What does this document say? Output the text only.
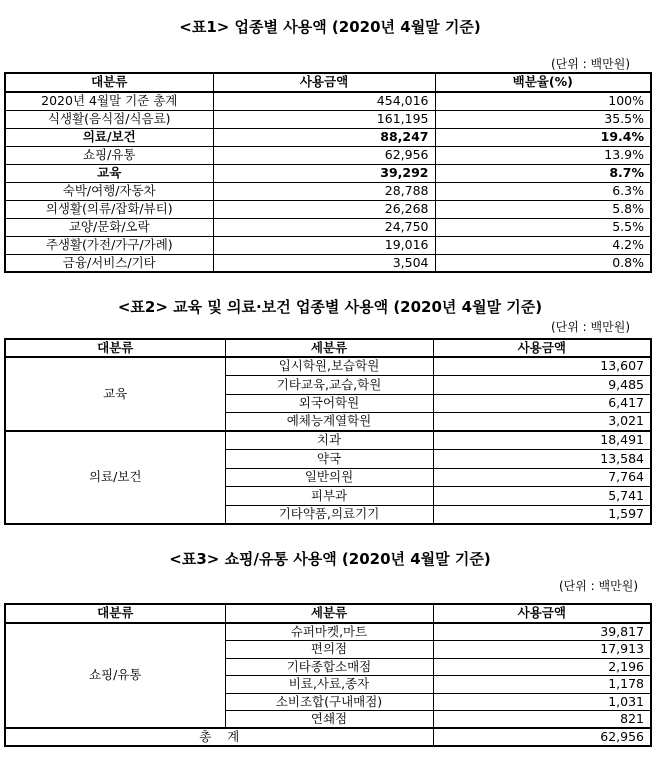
<표1> 업종별 사용액 (2020년 4월말 기준)
(단위 : 백만원)
대분류	사용금액	백분율(%)
2020년 4월말 기준 총계	454,016	100%
식생활(음식점/식음료)	161,195	35.5%
의료/보건	88,247	19.4%
쇼핑/유통	62,956	13.9%
교육	39,292	8.7%
숙박/여행/자동차	28,788	6.3%
의생활(의류/잡화/뷰티)	26,268	5.8%
교양/문화/오락	24,750	5.5%
주생활(가전/가구/가례)	19,016	4.2%
금융/서비스/기타	3,504	0.8%
<표2> 교육 및 의료·보건 업종별 사용액 (2020년 4월말 기준)
(단위 : 백만원)
대분류	세분류	사용금액
교육	입시학원,보습학원	13,607
	기타교육,교습,학원	9,485
	외국어학원	6,417
	예체능계열학원	3,021
의료/보건	치과	18,491
	약국	13,584
	일반의원	7,764
	피부과	5,741
	기타약품,의료기기	1,597
<표3> 쇼핑/유통 사용액 (2020년 4월말 기준)
(단위 : 백만원)
대분류	세분류	사용금액
쇼핑/유통	슈퍼마켓,마트	39,817
	편의점	17,913
	기타종합소매점	2,196
	비료,사료,종자	1,178
	소비조합(구내매점)	1,031
	연쇄점	821
총    계		62,956
